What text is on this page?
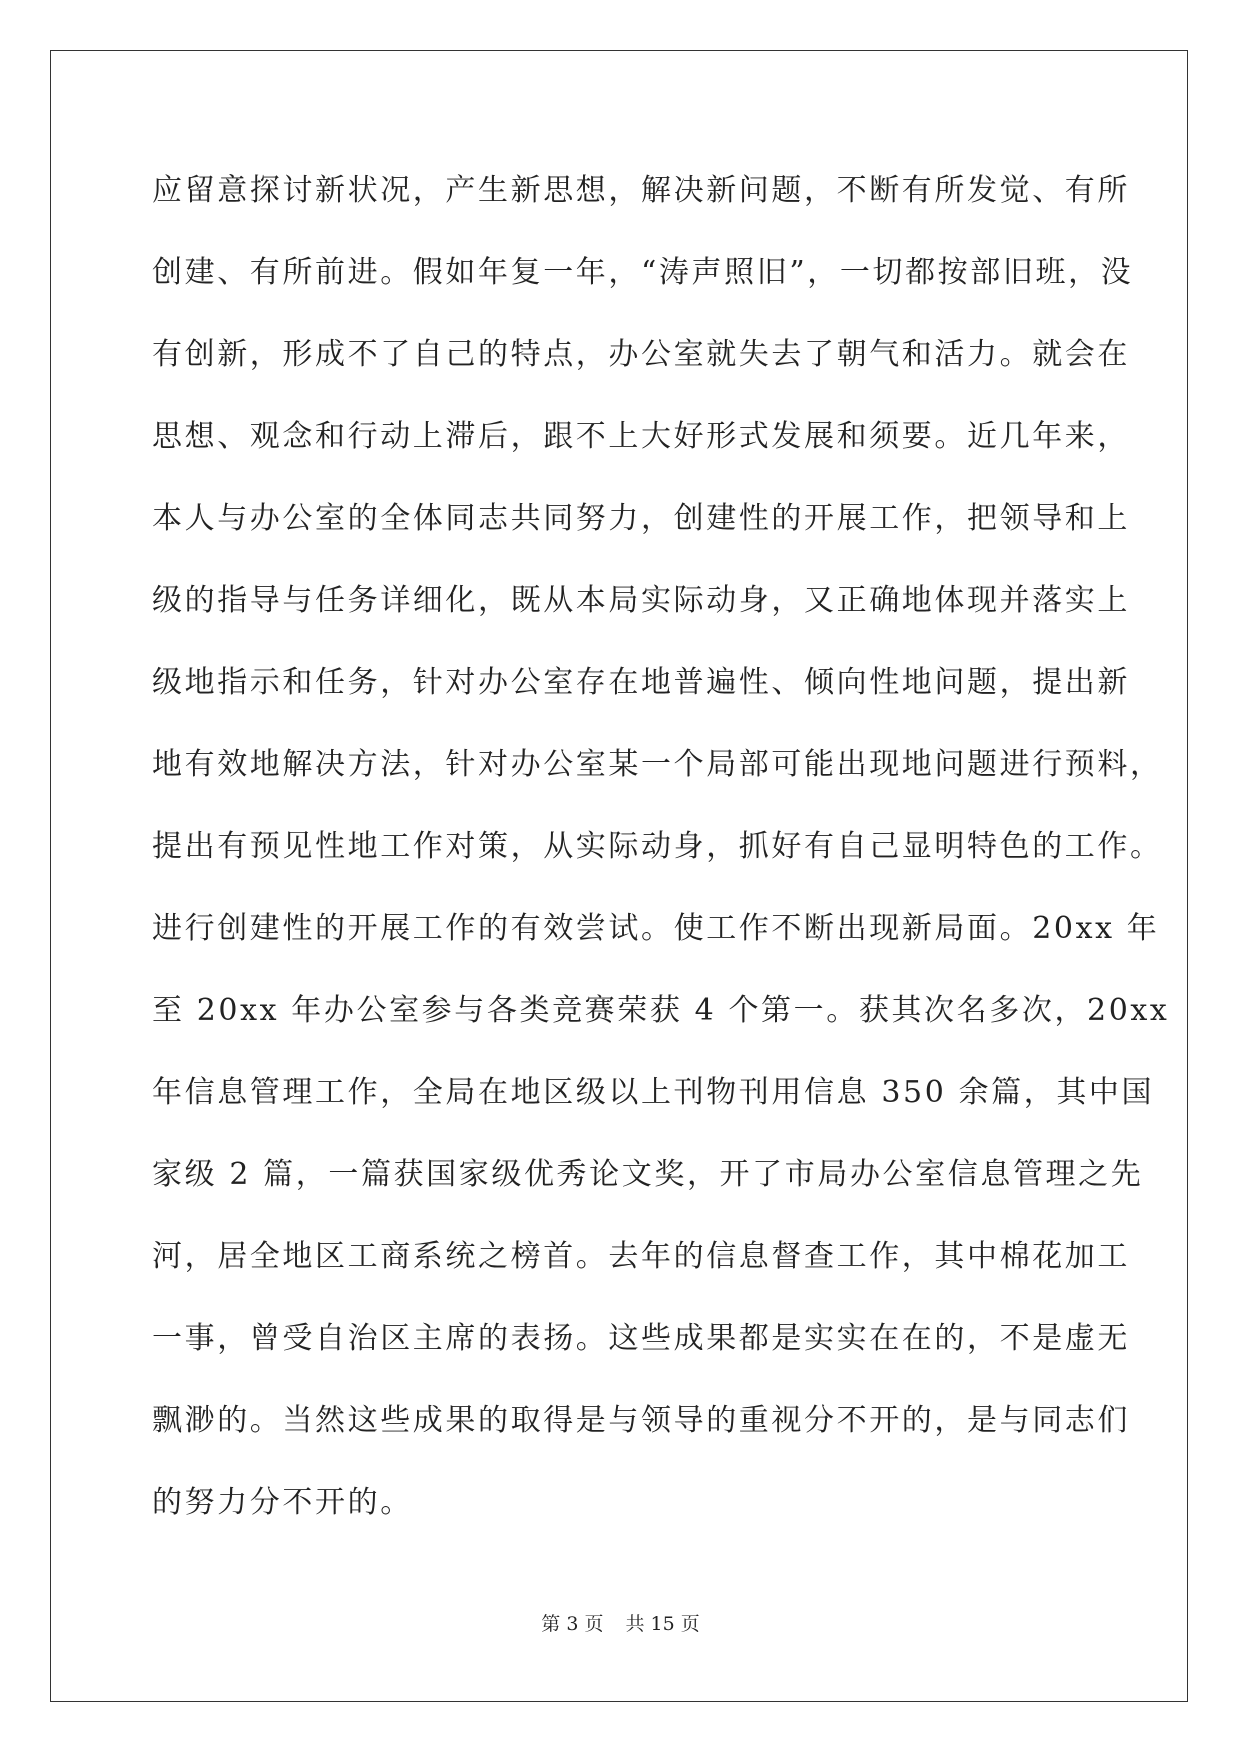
应留意探讨新状况，产生新思想，解决新问题，不断有所发觉、有所
创建、有所前进。假如年复一年，“涛声照旧”，一切都按部旧班，没
有创新，形成不了自己的特点，办公室就失去了朝气和活力。就会在
思想、观念和行动上滞后，跟不上大好形式发展和须要。近几年来，
本人与办公室的全体同志共同努力，创建性的开展工作，把领导和上
级的指导与任务详细化，既从本局实际动身，又正确地体现并落实上
级地指示和任务，针对办公室存在地普遍性、倾向性地问题，提出新
地有效地解决方法，针对办公室某一个局部可能出现地问题进行预料，
提出有预见性地工作对策，从实际动身，抓好有自己显明特色的工作。
进行创建性的开展工作的有效尝试。使工作不断出现新局面。20xx 年
至 20xx 年办公室参与各类竞赛荣获 4 个第一。获其次名多次，20xx
年信息管理工作，全局在地区级以上刊物刊用信息 350 余篇，其中国
家级 2 篇，一篇获国家级优秀论文奖，开了市局办公室信息管理之先
河，居全地区工商系统之榜首。去年的信息督查工作，其中棉花加工
一事，曾受自治区主席的表扬。这些成果都是实实在在的，不是虚无
飘渺的。当然这些成果的取得是与领导的重视分不开的，是与同志们
的努力分不开的。
第 3 页 共 15 页
